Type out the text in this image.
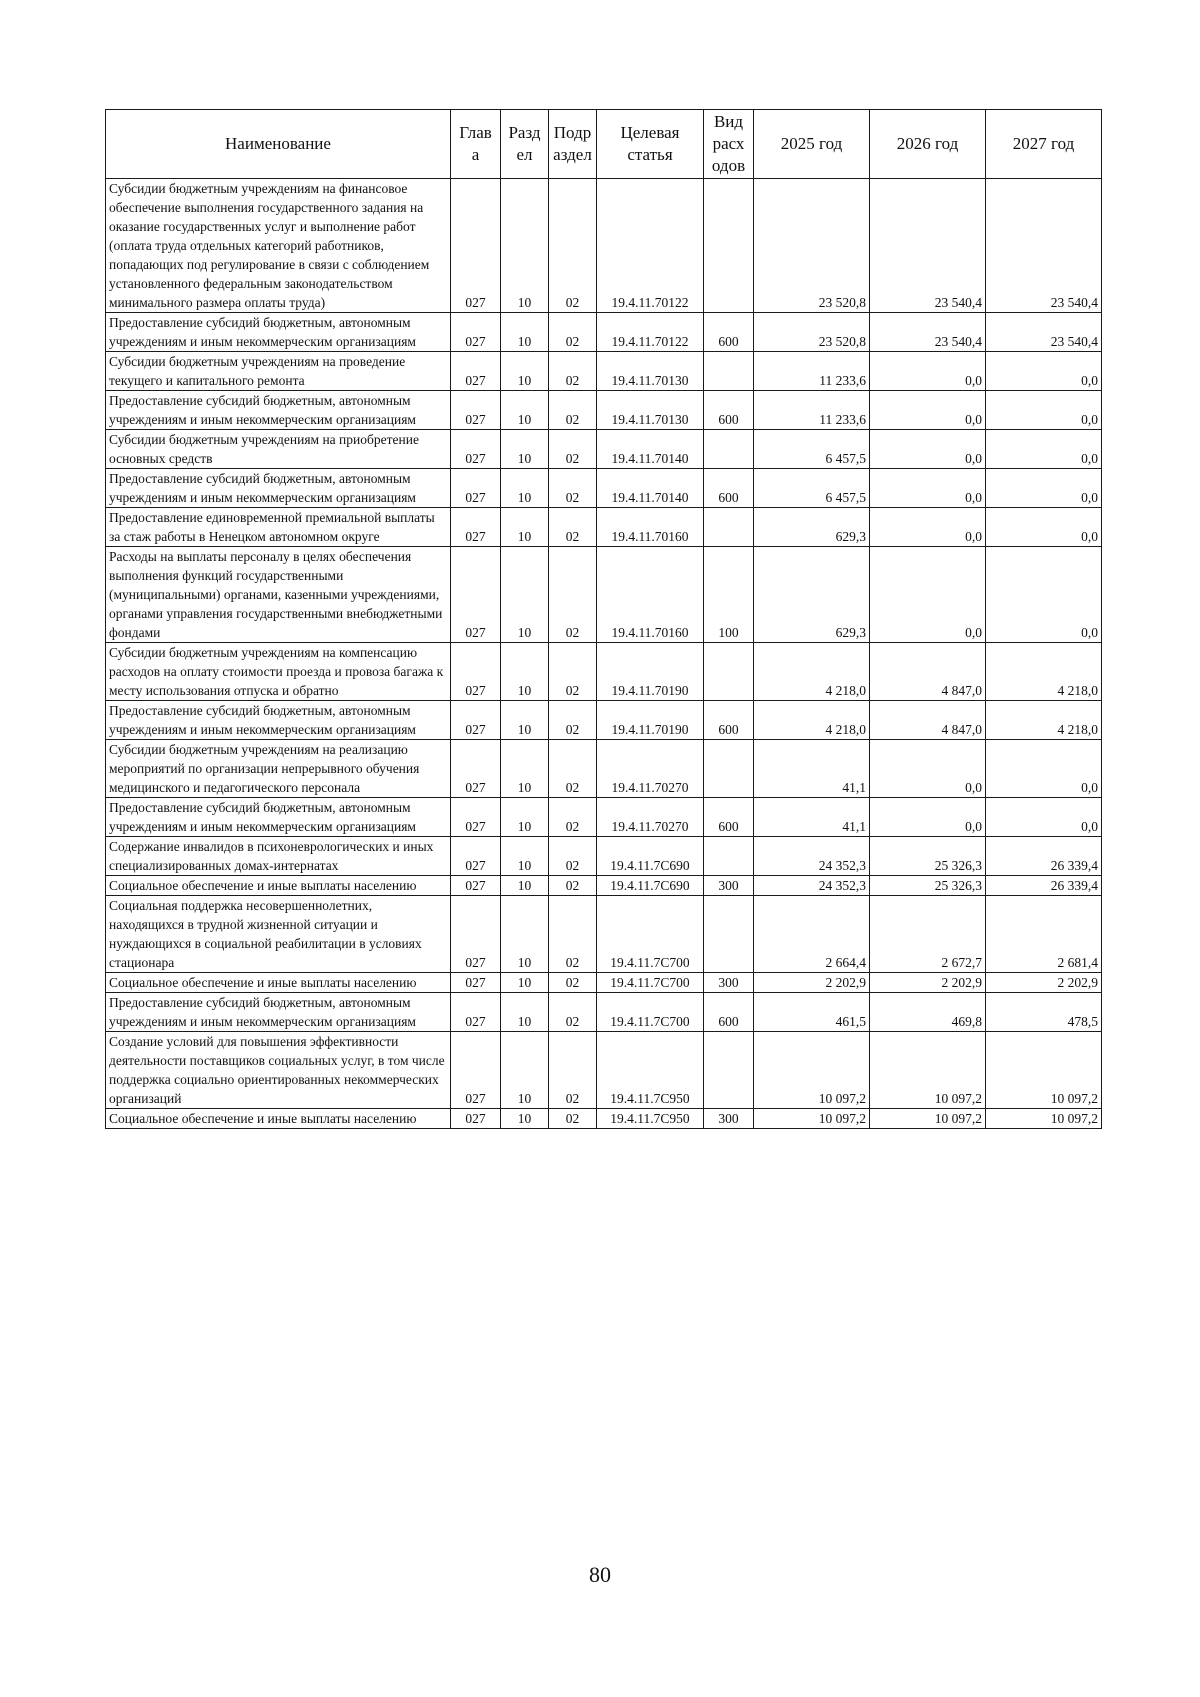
Наименование	Глав а	Разд ел	Подр аздел	Целевая статья	Вид расх одов	2025 год	2026 год	2027 год
Субсидии бюджетным учреждениям на финансовое обеспечение выполнения государственного задания на оказание государственных услуг и выполнение работ (оплата труда отдельных категорий работников, попадающих под регулирование в связи с соблюдением установленного федеральным законодательством минимального размера оплаты труда)	027	10	02	19.4.11.70122		23 520,8	23 540,4	23 540,4
Предоставление субсидий бюджетным, автономным учреждениям и иным некоммерческим организациям	027	10	02	19.4.11.70122	600	23 520,8	23 540,4	23 540,4
Субсидии бюджетным учреждениям на проведение текущего и капитального ремонта	027	10	02	19.4.11.70130		11 233,6	0,0	0,0
Предоставление субсидий бюджетным, автономным учреждениям и иным некоммерческим организациям	027	10	02	19.4.11.70130	600	11 233,6	0,0	0,0
Субсидии бюджетным учреждениям на приобретение основных средств	027	10	02	19.4.11.70140		6 457,5	0,0	0,0
Предоставление субсидий бюджетным, автономным учреждениям и иным некоммерческим организациям	027	10	02	19.4.11.70140	600	6 457,5	0,0	0,0
Предоставление единовременной премиальной выплаты за стаж работы в Ненецком автономном округе	027	10	02	19.4.11.70160		629,3	0,0	0,0
Расходы на выплаты персоналу в целях обеспечения выполнения функций государственными (муниципальными) органами, казенными учреждениями, органами управления государственными внебюджетными фондами	027	10	02	19.4.11.70160	100	629,3	0,0	0,0
Субсидии бюджетным учреждениям на компенсацию расходов на оплату стоимости проезда и провоза багажа к месту использования отпуска и обратно	027	10	02	19.4.11.70190		4 218,0	4 847,0	4 218,0
Предоставление субсидий бюджетным, автономным учреждениям и иным некоммерческим организациям	027	10	02	19.4.11.70190	600	4 218,0	4 847,0	4 218,0
Субсидии бюджетным учреждениям на реализацию мероприятий по организации непрерывного обучения медицинского и педагогического персонала	027	10	02	19.4.11.70270		41,1	0,0	0,0
Предоставление субсидий бюджетным, автономным учреждениям и иным некоммерческим организациям	027	10	02	19.4.11.70270	600	41,1	0,0	0,0
Содержание инвалидов в психоневрологических и иных специализированных домах-интернатах	027	10	02	19.4.11.7С690		24 352,3	25 326,3	26 339,4
Социальное обеспечение и иные выплаты населению	027	10	02	19.4.11.7С690	300	24 352,3	25 326,3	26 339,4
Социальная поддержка несовершеннолетних, находящихся в трудной жизненной ситуации и нуждающихся в социальной реабилитации в условиях стационара	027	10	02	19.4.11.7С700		2 664,4	2 672,7	2 681,4
Социальное обеспечение и иные выплаты населению	027	10	02	19.4.11.7С700	300	2 202,9	2 202,9	2 202,9
Предоставление субсидий бюджетным, автономным учреждениям и иным некоммерческим организациям	027	10	02	19.4.11.7С700	600	461,5	469,8	478,5
Создание условий для повышения эффективности деятельности поставщиков социальных услуг, в том числе поддержка социально ориентированных некоммерческих организаций	027	10	02	19.4.11.7С950		10 097,2	10 097,2	10 097,2
Социальное обеспечение и иные выплаты населению	027	10	02	19.4.11.7С950	300	10 097,2	10 097,2	10 097,2
80
